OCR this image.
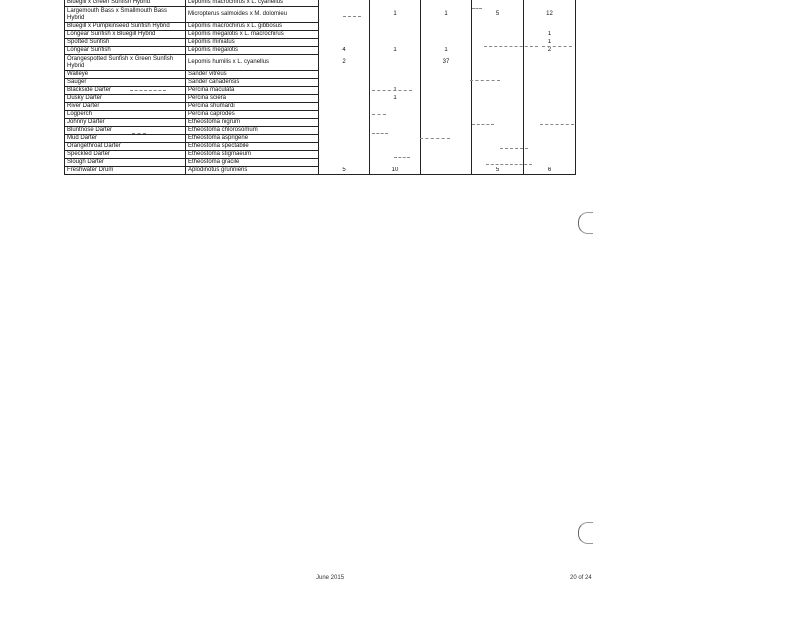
Bluegill x Green Sunfish Hybrid	Lepomis macrochirus x L. cyanellus					
Largemouth Bass x Smallmouth Bass Hybrid	Micropterus salmoides x M. dolomieu		1	1	5	12
Bluegill x Pumpkinseed Sunfish Hybrid	Lepomis macrochirus x L. gibbosus					
Longear Sunfish x Bluegill Hybrid	Lepomis megalotis x L. macrochirus					1
Spotted Sunfish	Lepomis miniatus					1
Longear Sunfish	Lepomis megalotis	4	1	1		2
Orangespotted Sunfish x Green Sunfish Hybrid	Lepomis humilis x L. cyanellus	2		37		
Walleye	Sander vitreus					
Sauger	Sander canadensis					
Blackside Darter	Percina maculata		1			
Dusky Darter	Percina sciera		1			
River Darter	Percina shumardi					
Logperch	Percina caprodes					
Johnny Darter	Etheostoma nigrum					
Bluntnose Darter	Etheostoma chlorosomum					
Mud Darter	Etheostoma asprigene					
Orangethroat Darter	Etheostoma spectabile					
Speckled Darter	Etheostoma stigmaeum					
Slough Darter	Etheostoma gracile					
Freshwater Drum	Aplodinotus grunniens	5	10		5	6
June 2015	20 of 24
